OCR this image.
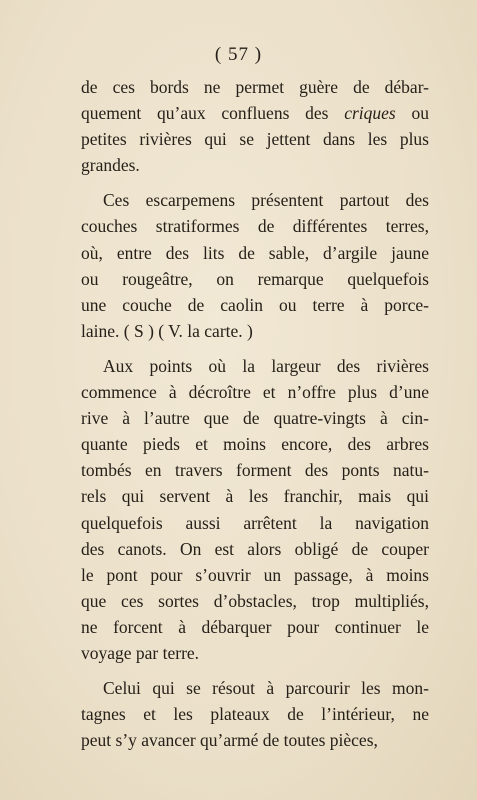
( 57 )
de ces bords ne permet guère de débar-
quement qu’aux confluens des criques ou
petites rivières qui se jettent dans les plus
grandes.
Ces escarpemens présentent partout des
couches stratiformes de différentes terres,
où, entre des lits de sable, d’argile jaune
ou rougeâtre, on remarque quelquefois
une couche de caolin ou terre à porce-
laine. ( S ) ( V. la carte. )
Aux points où la largeur des rivières
commence à décroître et n’offre plus d’une
rive à l’autre que de quatre-vingts à cin-
quante pieds et moins encore, des arbres
tombés en travers forment des ponts natu-
rels qui servent à les franchir, mais qui
quelquefois aussi arrêtent la navigation
des canots. On est alors obligé de couper
le pont pour s’ouvrir un passage, à moins
que ces sortes d’obstacles, trop multipliés,
ne forcent à débarquer pour continuer le
voyage par terre.
Celui qui se résout à parcourir les mon-
tagnes et les plateaux de l’intérieur, ne
peut s’y avancer qu’armé de toutes pièces,
